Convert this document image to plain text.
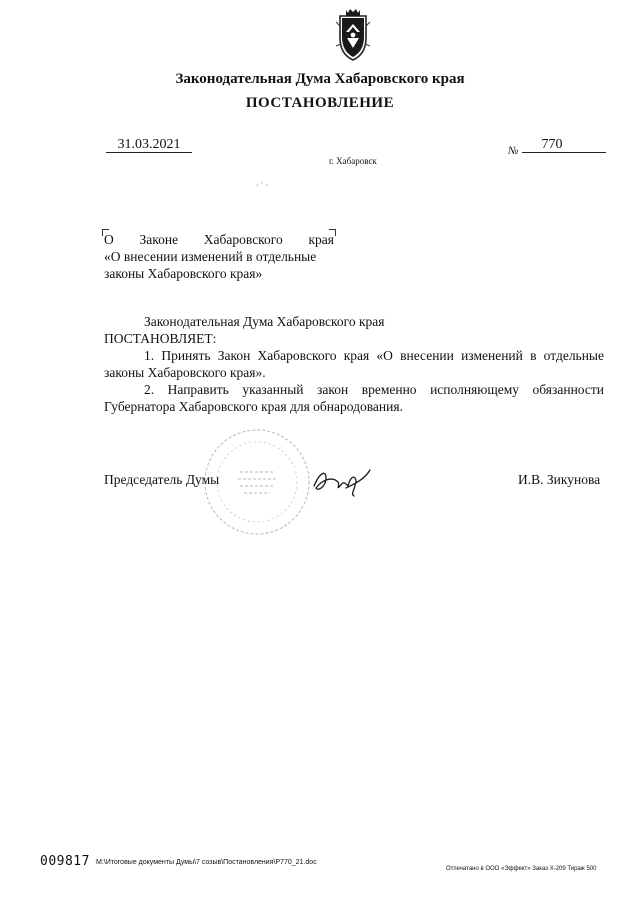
Законодательная Дума Хабаровского края
ПОСТАНОВЛЕНИЕ
31.03.2021	№	770
г. Хабаровск
· ` ·
О Законе Хабаровского края
«О внесении изменений в отдельные
законы Хабаровского края»

Законодательная Дума Хабаровского края

ПОСТАНОВЛЯЕТ:

1. Принять Закон Хабаровского края «О внесении изменений в отдельные законы Хабаровского края».

2. Направить указанный закон временно исполняющему обязанности Губернатора Хабаровского края для обнародования.

Председатель Думы	И.В. Зикунова
009817 M:\Итоговые документы Думы\7 созыв\Постановления\Р770_21.doc
Отпечатано в ООО «Эффект» Заказ Х-209 Тираж 500
